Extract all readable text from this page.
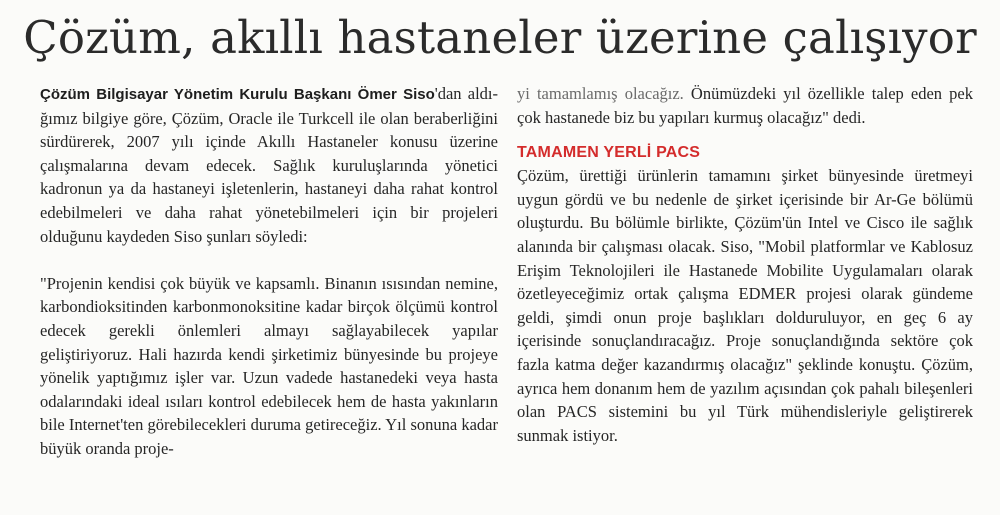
Çözüm, akıllı hastaneler üzerine çalışıyor

Çözüm Bilgisayar Yönetim Kurulu Başkanı Ömer Siso'dan aldı- ğımız bilgiye göre, Çözüm, Oracle ile Turkcell ile olan beraberliğini sürdürerek, 2007 yılı içinde Akıllı Hastaneler konusu üzerine çalışmalarına devam edecek. Sağlık kuruluşlarında yönetici kadronun ya da hastaneyi işletenlerin, hastaneyi daha rahat kontrol edebilmeleri ve daha rahat yönetebilmeleri için bir projeleri olduğunu kaydeden Siso şunları söyledi:

"Projenin kendisi çok büyük ve kapsamlı. Binanın ısısından nemine, karbondioksitinden karbonmonoksitine kadar birçok ölçümü kontrol edecek gerekli önlemleri almayı sağlayabilecek yapılar geliştiriyoruz. Hali hazırda kendi şirketimiz bünyesinde bu projeye yönelik yaptığımız işler var. Uzun vadede hastanedeki veya hasta odalarındaki ideal ısıları kontrol edebilecek hem de hasta yakınların bile Internet'ten görebilecekleri duruma getireceğiz. Yıl sonuna kadar büyük oranda proje-

yi tamamlamış olacağız. Önümüzdeki yıl özellikle talep eden pek çok hastanede biz bu yapıları kurmuş olacağız" dedi.

TAMAMEN YERLİ PACS

Çözüm, ürettiği ürünlerin tamamını şirket bünyesinde üretmeyi uygun gördü ve bu nedenle de şirket içerisinde bir Ar-Ge bölümü oluşturdu. Bu bölümle birlikte, Çözüm'ün Intel ve Cisco ile sağlık alanında bir çalışması olacak. Siso, "Mobil platformlar ve Kablosuz Erişim Teknolojileri ile Hastanede Mobilite Uygulamaları olarak özetleyeceğimiz ortak çalışma EDMER projesi olarak gündeme geldi, şimdi onun proje başlıkları dolduruluyor, en geç 6 ay içerisinde sonuçlandıracağız. Proje sonuçlandığında sektöre çok fazla katma değer kazandırmış olacağız" şeklinde konuştu. Çözüm, ayrıca hem donanım hem de yazılım açısından çok pahalı bileşenleri olan PACS sistemini bu yıl Türk mühendisleriyle geliştirerek sunmak istiyor.
